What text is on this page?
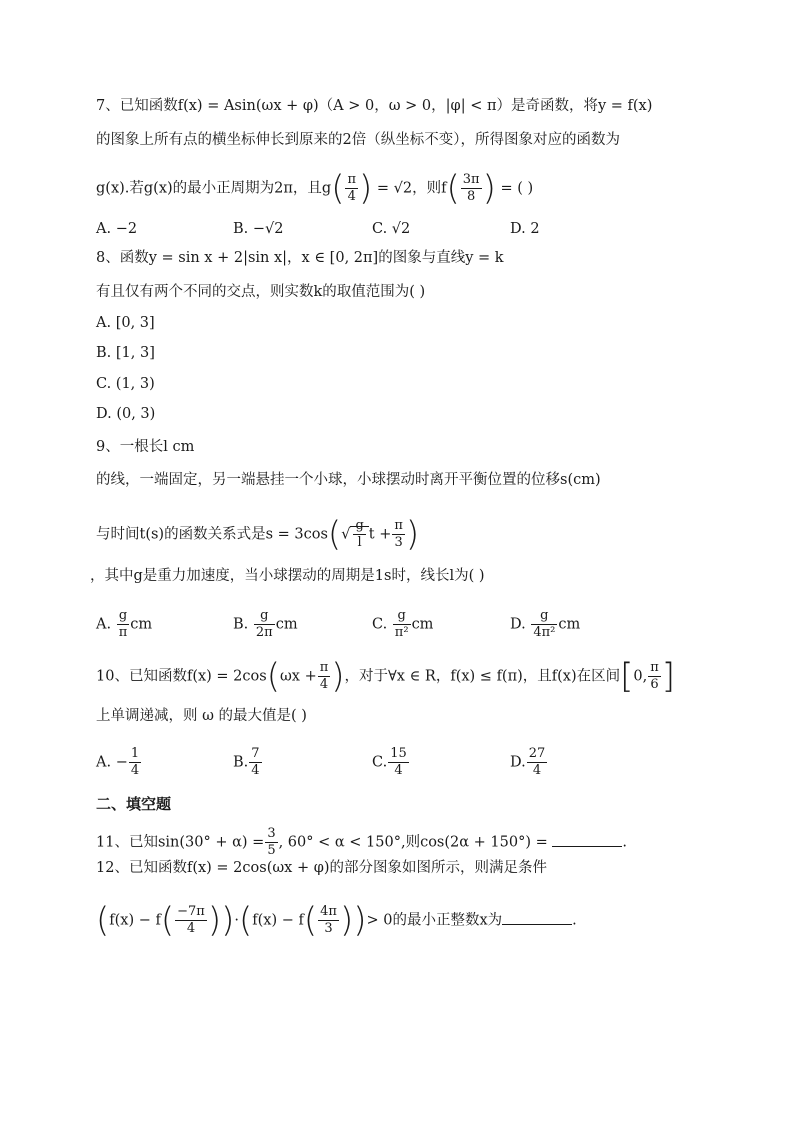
7、已知函数f(x) = Asin(ωx + φ)（A > 0，ω > 0，|φ| < π）是奇函数，将y = f(x)
的图象上所有点的横坐标伸长到原来的2倍（纵坐标不变），所得图象对应的函数为
g(x).若g(x)的最小正周期为2π，且$g( \frac{\pi}{4}$ ) = √2，则$f( \frac{3\pi}{8}$ ) = ( )
A. −2	B. −√2	C. √2	D. 2
8、函数y = sin x + 2|sin x|，x ∈ [0, 2π]的图象与直线y = k
有且仅有两个不同的交点，则实数k的取值范围为( )
A. [0, 3]
B. [1, 3]
C. (1, 3)
D. (0, 3)
9、一根长l cm
的线，一端固定，另一端悬挂一个小球，小球摆动时离开平衡位置的位移s(cm)
与时间t(s)的函数关系式是$s = 3\cos(√ \frac{g}{l}$ $t + \frac{\pi}{3}$ )
，其中g是重力加速度，当小球摆动的周期是1s时，线长l为( )
A. $\frac{g}{\pi}$ cm	B. $\frac{g}{2\pi}$ cm	C. $\frac{g}{\text{π²}}$ cm	D. $\frac{g}{\text{4π²}}$ cm
10、已知函数$f(x) = 2\cos(\omega x + \frac{\pi}{4}$ )，对于∀x ∈ R，f(x) ≤ f(π)，且f(x)在区间[0, $\frac{\pi}{6}$ ]
上单调递减，则 ω 的最大值是( )
A. − $\frac{1}{4}$	B. $\frac{7}{4}$	C. $\frac{15}{4}$	D. $\frac{27}{4}$
二、填空题
11、已知$\sin(30^\circ + \alpha) = \frac{3}{5}$ , 60° < α < 150°,则cos(2α + 150°) =	.
12、已知函数f(x) = 2cos(ωx + φ)的部分图象如图所示，则满足条件
$(f(x) - f( \frac{-7\pi}{4} ))\cdot(f(x) - f( \frac{4\pi}{3}$ ))> 0的最小正整数x为	.
